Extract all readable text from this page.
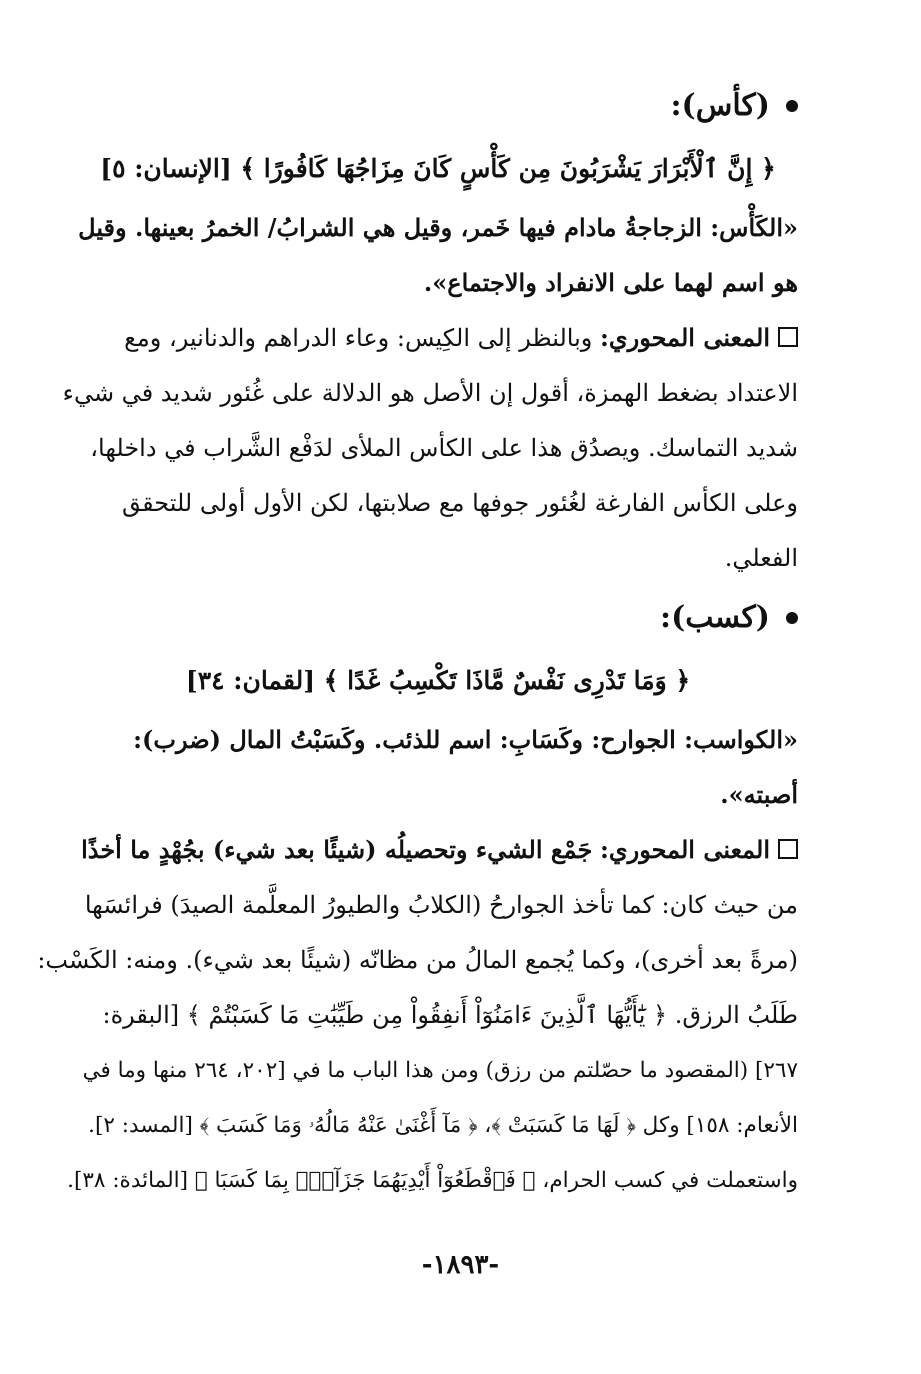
(كأس):
﴿ إِنَّ ٱلْأَبْرَارَ يَشْرَبُونَ مِن كَأْسٍ كَانَ مِزَاجُهَا كَافُورًا ﴾ [الإنسان: ٥]
«الكَأْس: الزجاجةُ مادام فيها خَمر، وقيل هي الشرابُ/ الخمرُ بعينها. وقيل
هو اسم لهما على الانفراد والاجتماع».
المعنى المحوري: وبالنظر إلى الكِيس: وعاء الدراهم والدنانير، ومع
الاعتداد بضغط الهمزة، أقول إن الأصل هو الدلالة على غُئور شديد في شيء
شديد التماسك. ويصدُق هذا على الكأس الملأى لدَفْع الشَّراب في داخلها،
وعلى الكأس الفارغة لغُئور جوفها مع صلابتها، لكن الأول أولى للتحقق
الفعلي.
(كسب):
﴿ وَمَا تَدْرِى نَفْسٌ مَّاذَا تَكْسِبُ غَدًا ﴾ [لقمان: ٣٤]
«الكواسب: الجوارح: وكَسَابِ: اسم للذئب. وكَسَبْتُ المال (ضرب):
أصبته».
المعنى المحوري: جَمْع الشيء وتحصيلُه (شيئًا بعد شيء) بجُهْدٍ ما أخذًا
من حيث كان: كما تأخذ الجوارحُ (الكلابُ والطيورُ المعلَّمة الصيدَ) فرائسَها
(مرةً بعد أخرى)، وكما يُجمع المالُ من مظانّه (شيئًا بعد شيء). ومنه: الكَسْب:
طَلَبُ الرزق. ﴿ يَٰٓأَيُّهَا ٱلَّذِينَ ءَامَنُوٓاْ أَنفِقُواْ مِن طَيِّبَٰتِ مَا كَسَبْتُمْ ﴾ [البقرة:
٢٦٧] (المقصود ما حصّلتم من رزق) ومن هذا الباب ما في [٢٠٢، ٢٦٤ منها وما في
الأنعام: ١٥٨] وكل ﴿ لَهَا مَا كَسَبَتْ ﴾، ﴿ مَآ أَغْنَىٰ عَنْهُ مَالُهُۥ وَمَا كَسَبَ ﴾ [المسد: ٢].
واستعملت في كسب الحرام، ﴿ فَٱقْطَعُوٓاْ أَيْدِيَهُمَا جَزَآءًۢ بِمَا كَسَبَا ﴾ [المائدة: ٣٨].
-١٨٩٣-
